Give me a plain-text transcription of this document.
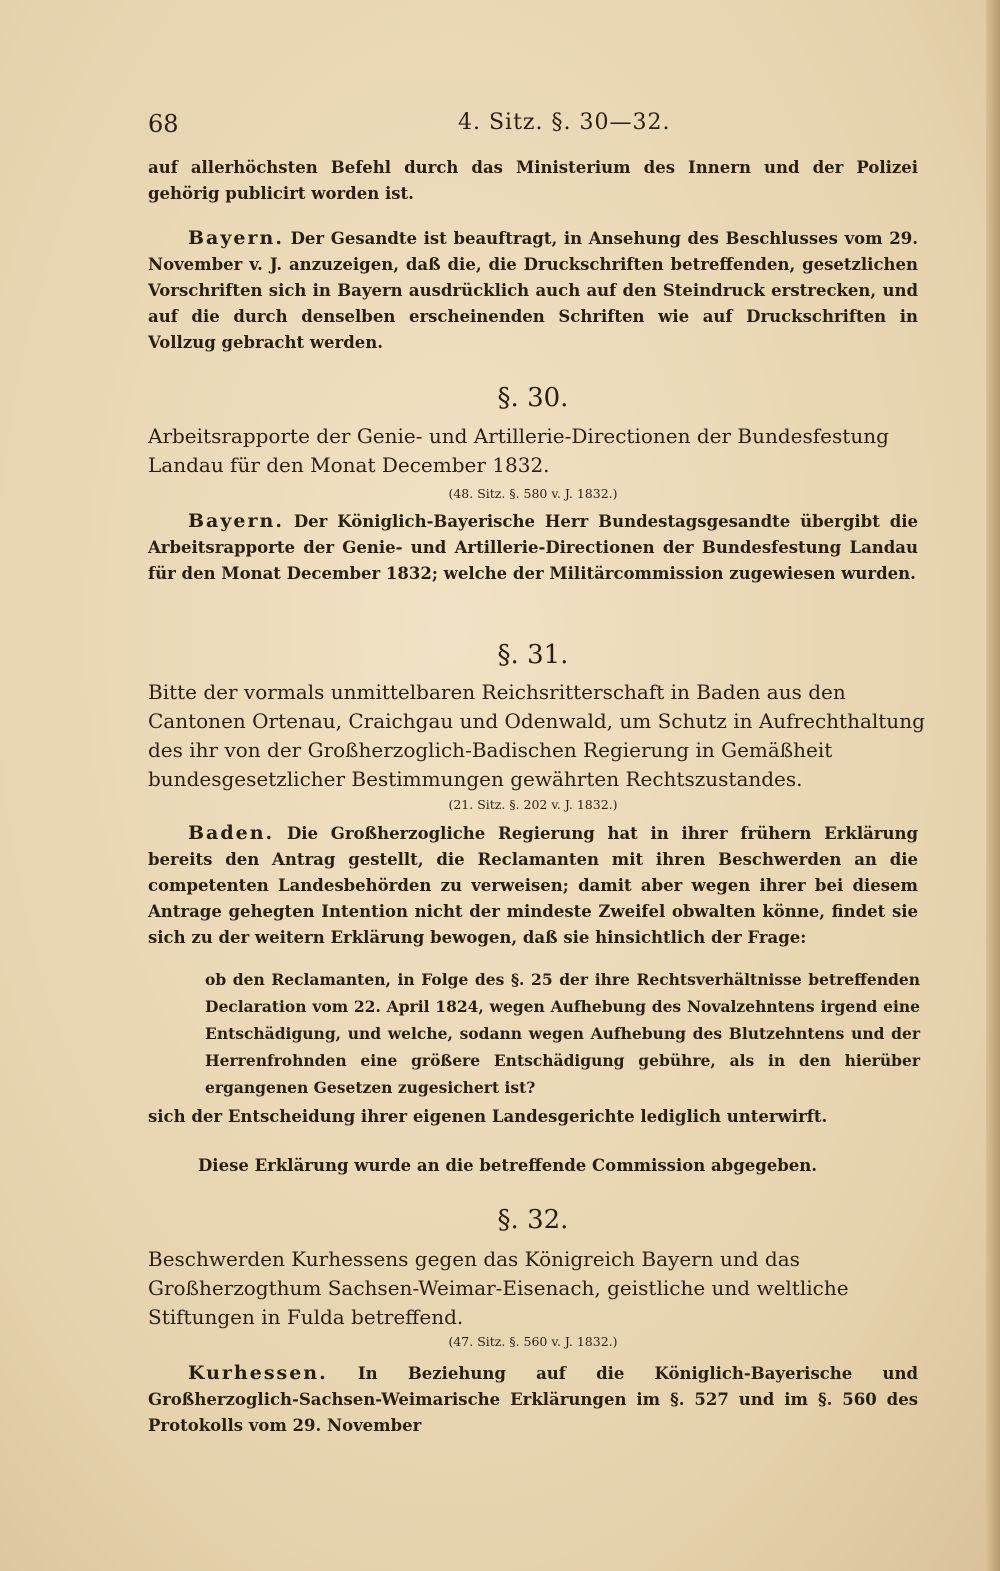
68	4. Sitz. §. 30—32.
auf allerhöchsten Befehl durch das Ministerium des Innern und der Polizei gehörig publicirt worden ist.
Bayern. Der Gesandte ist beauftragt, in Ansehung des Beschlusses vom 29. November v. J. anzuzeigen, daß die, die Druckschriften betreffenden, gesetzlichen Vorschriften sich in Bayern ausdrücklich auch auf den Steindruck erstrecken, und auf die durch denselben erscheinenden Schriften wie auf Druckschriften in Vollzug gebracht werden.
§. 30.
Arbeitsrapporte der Genie- und Artillerie-Directionen der Bundesfestung Landau für den Monat December 1832.
(48. Sitz. §. 580 v. J. 1832.)
Bayern. Der Königlich-Bayerische Herr Bundestagsgesandte übergibt die Arbeitsrapporte der Genie- und Artillerie-Directionen der Bundesfestung Landau für den Monat December 1832; welche der Militärcommission zugewiesen wurden.
§. 31.
Bitte der vormals unmittelbaren Reichsritterschaft in Baden aus den Cantonen Ortenau, Craichgau und Odenwald, um Schutz in Aufrechthaltung des ihr von der Großherzoglich-Badischen Regierung in Gemäßheit bundesgesetzlicher Bestimmungen gewährten Rechtszustandes.
(21. Sitz. §. 202 v. J. 1832.)
Baden. Die Großherzogliche Regierung hat in ihrer frühern Erklärung bereits den Antrag gestellt, die Reclamanten mit ihren Beschwerden an die competenten Landesbehörden zu verweisen; damit aber wegen ihrer bei diesem Antrage gehegten Intention nicht der mindeste Zweifel obwalten könne, findet sie sich zu der weitern Erklärung bewogen, daß sie hinsichtlich der Frage:
ob den Reclamanten, in Folge des §. 25 der ihre Rechtsverhältnisse betreffenden Declaration vom 22. April 1824, wegen Aufhebung des Novalzehntens irgend eine Entschädigung, und welche, sodann wegen Aufhebung des Blutzehntens und der Herrenfrohnden eine größere Entschädigung gebühre, als in den hierüber ergangenen Gesetzen zugesichert ist?
sich der Entscheidung ihrer eigenen Landesgerichte lediglich unterwirft.
Diese Erklärung wurde an die betreffende Commission abgegeben.
§. 32.
Beschwerden Kurhessens gegen das Königreich Bayern und das Großherzogthum Sachsen-Weimar-Eisenach, geistliche und weltliche Stiftungen in Fulda betreffend.
(47. Sitz. §. 560 v. J. 1832.)
Kurhessen. In Beziehung auf die Königlich-Bayerische und Großherzoglich-Sachsen-Weimarische Erklärungen im §. 527 und im §. 560 des Protokolls vom 29. November
